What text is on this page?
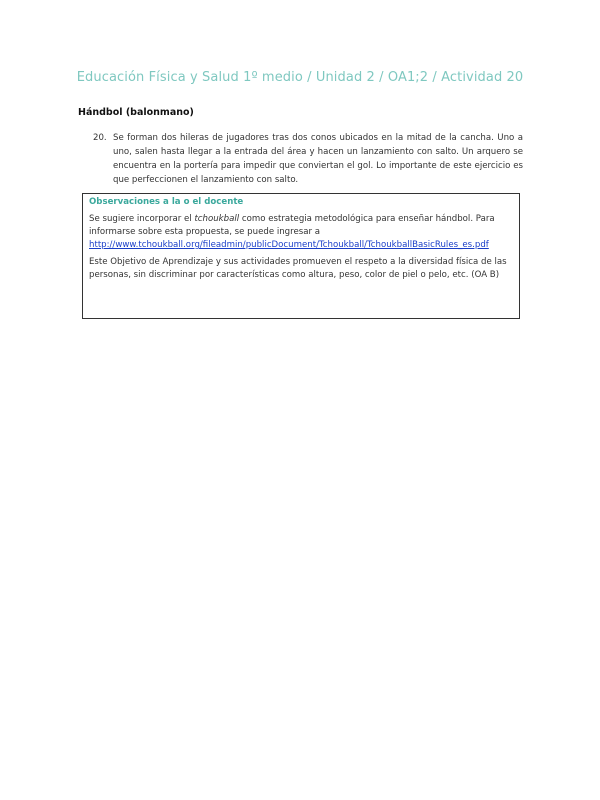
Educación Física y Salud 1º medio / Unidad 2 / OA1;2 / Actividad 20
Hándbol (balonmano)
20. Se forman dos hileras de jugadores tras dos conos ubicados en la mitad de la cancha. Uno a uno, salen hasta llegar a la entrada del área y hacen un lanzamiento con salto. Un arquero se encuentra en la portería para impedir que conviertan el gol. Lo importante de este ejercicio es que perfeccionen el lanzamiento con salto.
Observaciones a la o el docente

Se sugiere incorporar el tchoukball como estrategia metodológica para enseñar hándbol. Para informarse sobre esta propuesta, se puede ingresar a
http://www.tchoukball.org/fileadmin/publicDocument/Tchoukball/TchoukballBasicRules_es.pdf

Este Objetivo de Aprendizaje y sus actividades promueven el respeto a la diversidad física de las personas, sin discriminar por características como altura, peso, color de piel o pelo, etc. (OA B)
